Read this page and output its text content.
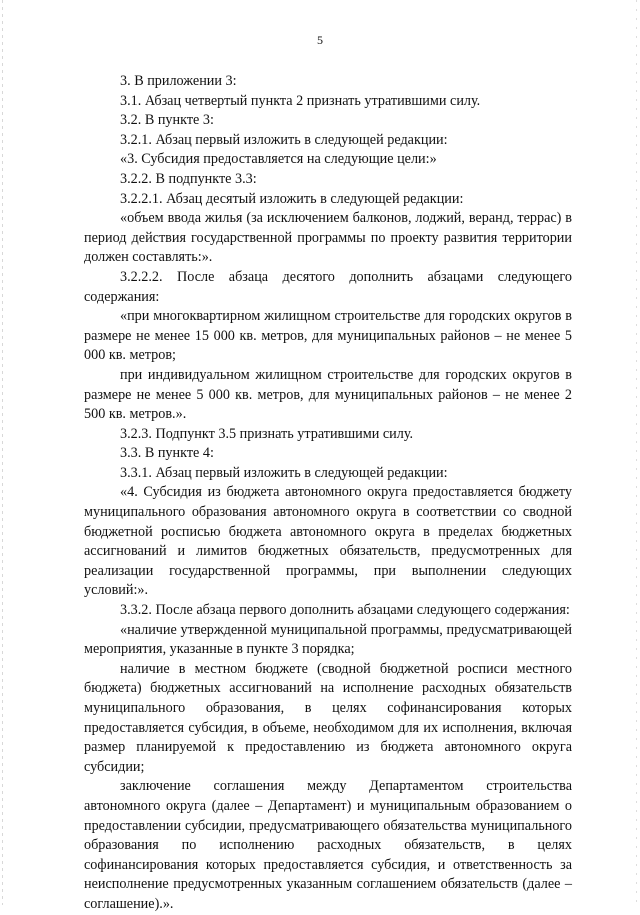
5

3. В приложении 3:

3.1. Абзац четвертый пункта 2 признать утратившими силу.

3.2. В пункте 3:

3.2.1. Абзац первый изложить в следующей редакции:

«3. Субсидия предоставляется на следующие цели:»

3.2.2. В подпункте 3.3:

3.2.2.1. Абзац десятый изложить в следующей редакции:

«объем ввода жилья (за исключением балконов, лоджий, веранд, террас) в период действия государственной программы по проекту развития территории должен составлять:».

3.2.2.2. После абзаца десятого дополнить абзацами следующего содержания:

«при многоквартирном жилищном строительстве для городских округов в размере не менее 15 000 кв. метров, для муниципальных районов – не менее 5 000 кв. метров;

при индивидуальном жилищном строительстве для городских округов в размере не менее 5 000 кв. метров, для муниципальных районов – не менее 2 500 кв. метров.».

3.2.3. Подпункт 3.5 признать утратившими силу.

3.3. В пункте 4:

3.3.1. Абзац первый изложить в следующей редакции:

«4. Субсидия из бюджета автономного округа предоставляется бюджету муниципального образования автономного округа в соответствии со сводной бюджетной росписью бюджета автономного округа в пределах бюджетных ассигнований и лимитов бюджетных обязательств, предусмотренных для реализации государственной программы, при выполнении следующих условий:».

3.3.2. После абзаца первого дополнить абзацами следующего содержания:

«наличие утвержденной муниципальной программы, предусматривающей мероприятия, указанные в пункте 3 порядка;

наличие в местном бюджете (сводной бюджетной росписи местного бюджета) бюджетных ассигнований на исполнение расходных обязательств муниципального образования, в целях софинансирования которых предоставляется субсидия, в объеме, необходимом для их исполнения, включая размер планируемой к предоставлению из бюджета автономного округа субсидии;

заключение соглашения между Департаментом строительства автономного округа (далее – Департамент) и муниципальным образованием о предоставлении субсидии, предусматривающего обязательства муниципального образования по исполнению расходных обязательств, в целях софинансирования которых предоставляется субсидия, и ответственность за неисполнение предусмотренных указанным соглашением обязательств (далее – соглашение).».
